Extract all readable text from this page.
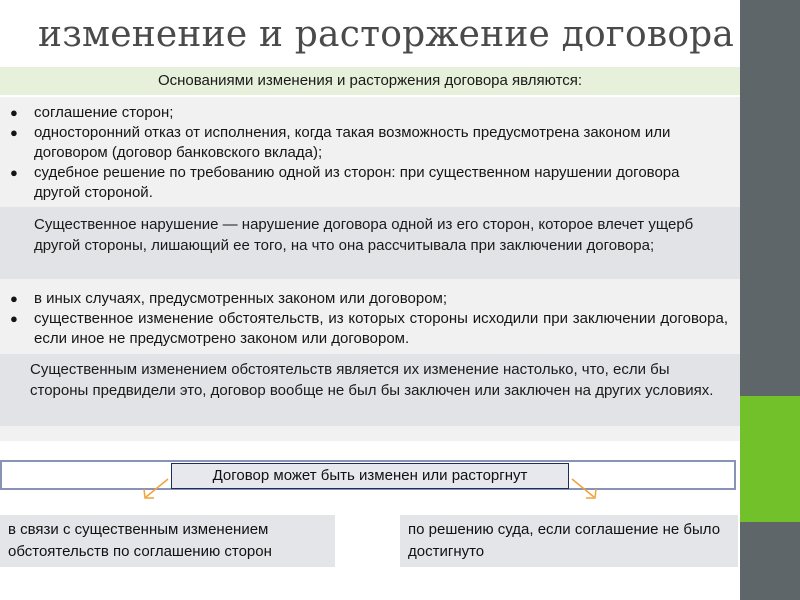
изменение и расторжение договора
Основаниями изменения и расторжения договора являются:
● соглашение сторон;
● односторонний отказ от исполнения, когда такая возможность предусмотрена законом или договором (договор банковского вклада);
● судебное решение по требованию одной из сторон: при существенном нарушении договора другой стороной.
Существенное нарушение — нарушение договора одной из его сторон, которое влечет ущерб другой стороны, лишающий ее того, на что она рассчитывала при заключении договора;
● в иных случаях, предусмотренных законом или договором;
● существенное изменение обстоятельств, из которых стороны исходили при заключении договора, если иное не предусмотрено законом или договором.
Существенным изменением обстоятельств является их изменение настолько, что, если бы стороны предвидели это, договор вообще не был бы заключен или заключен на других условиях.
Договор может быть изменен или расторгнут
в связи с существенным изменением обстоятельств по соглашению сторон
по решению суда, если соглашение не было достигнуто
